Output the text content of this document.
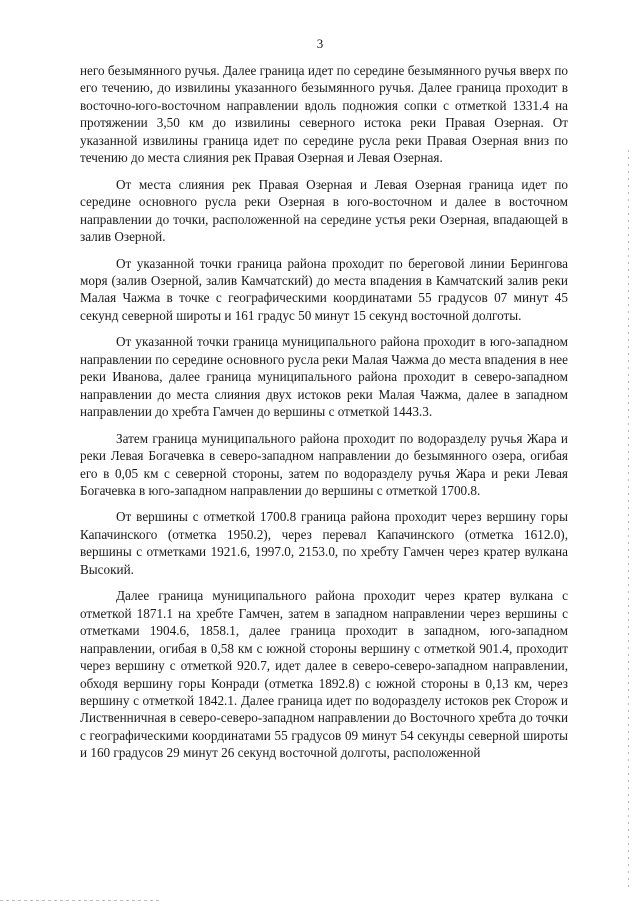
3

него безымянного ручья. Далее граница идет по середине безымянного ручья вверх по его течению, до извилины указанного безымянного ручья. Далее граница проходит в восточно-юго-восточном направлении вдоль подножия сопки с отметкой 1331.4 на протяжении 3,50 км до извилины северного истока реки Правая Озерная. От указанной извилины граница идет по середине русла реки Правая Озерная вниз по течению до места слияния рек Правая Озерная и Левая Озерная.

От места слияния рек Правая Озерная и Левая Озерная граница идет по середине основного русла реки Озерная в юго-восточном и далее в восточном направлении до точки, расположенной на середине устья реки Озерная, впадающей в залив Озерной.

От указанной точки граница района проходит по береговой линии Берингова моря (залив Озерной, залив Камчатский) до места впадения в Камчатский залив реки Малая Чажма в точке с географическими координатами 55 градусов 07 минут 45 секунд северной широты и 161 градус 50 минут 15 секунд восточной долготы.

От указанной точки границa муниципального района проходит в юго-западном направлении по середине основного русла реки Малая Чажма до места впадения в нее реки Иванова, далее граница муниципального района проходит в северо-западном направлении до места слияния двух истоков реки Малая Чажма, далее в западном направлении до хребта Гамчен до вершины с отметкой 1443.3.

Затем граница муниципального района проходит по водоразделу ручья Жара и реки Левая Богачевка в северо-западном направлении до безымянного озера, огибая его в 0,05 км с северной стороны, затем по водоразделу ручья Жара и реки Левая Богачевка в юго-западном направлении до вершины с отметкой 1700.8.

От вершины с отметкой 1700.8 граница района проходит через вершину горы Капачинского (отметка 1950.2), через перевал Капачинского (отметка 1612.0), вершины с отметками 1921.6, 1997.0, 2153.0, по хребту Гамчен через кратер вулкана Высокий.

Далее граница муниципального района проходит через кратер вулкана с отметкой 1871.1 на хребте Гамчен, затем в западном направлении через вершины с отметками 1904.6, 1858.1, далее граница проходит в западном, юго-западном направлении, огибая в 0,58 км с южной стороны вершину с отметкой 901.4, проходит через вершину с отметкой 920.7, идет далее в северо-северо-западном направлении, обходя вершину горы Конради (отметка 1892.8) с южной стороны в 0,13 км, через вершину с отметкой 1842.1. Далее граница идет по водоразделу истоков рек Сторож и Лиственничная в северо-северо-западном направлении до Восточного хребта до точки с географическими координатами 55 градусов 09 минут 54 секунды северной широты и 160 градусов 29 минут 26 секунд восточной долготы, расположенной
